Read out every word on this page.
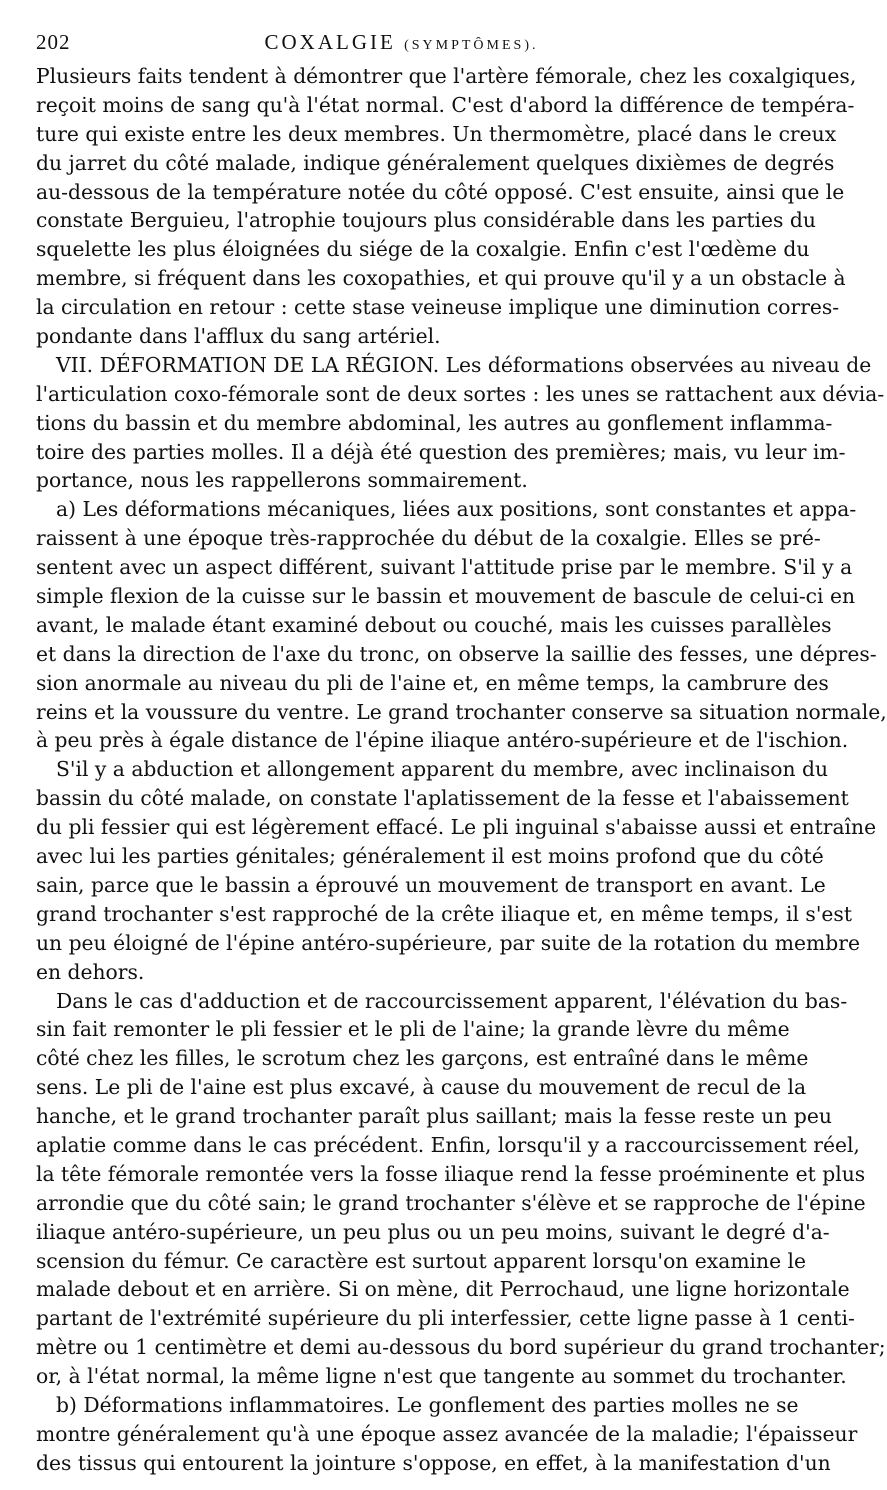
202	COXALGIE (SYMPTÔMES).
Plusieurs faits tendent à démontrer que l'artère fémorale, chez les coxalgiques,
reçoit moins de sang qu'à l'état normal. C'est d'abord la différence de tempéra-
ture qui existe entre les deux membres. Un thermomètre, placé dans le creux
du jarret du côté malade, indique généralement quelques dixièmes de degrés
au-dessous de la température notée du côté opposé. C'est ensuite, ainsi que le
constate Berguieu, l'atrophie toujours plus considérable dans les parties du
squelette les plus éloignées du siége de la coxalgie. Enfin c'est l'œdème du
membre, si fréquent dans les coxopathies, et qui prouve qu'il y a un obstacle à
la circulation en retour : cette stase veineuse implique une diminution corres-
pondante dans l'afflux du sang artériel.
VII. DÉFORMATION DE LA RÉGION. Les déformations observées au niveau de
l'articulation coxo-fémorale sont de deux sortes : les unes se rattachent aux dévia-
tions du bassin et du membre abdominal, les autres au gonflement inflamma-
toire des parties molles. Il a déjà été question des premières; mais, vu leur im-
portance, nous les rappellerons sommairement.
a) Les déformations mécaniques, liées aux positions, sont constantes et appa-
raissent à une époque très-rapprochée du début de la coxalgie. Elles se pré-
sentent avec un aspect différent, suivant l'attitude prise par le membre. S'il y a
simple flexion de la cuisse sur le bassin et mouvement de bascule de celui-ci en
avant, le malade étant examiné debout ou couché, mais les cuisses parallèles
et dans la direction de l'axe du tronc, on observe la saillie des fesses, une dépres-
sion anormale au niveau du pli de l'aine et, en même temps, la cambrure des
reins et la voussure du ventre. Le grand trochanter conserve sa situation normale,
à peu près à égale distance de l'épine iliaque antéro-supérieure et de l'ischion.
S'il y a abduction et allongement apparent du membre, avec inclinaison du
bassin du côté malade, on constate l'aplatissement de la fesse et l'abaissement
du pli fessier qui est légèrement effacé. Le pli inguinal s'abaisse aussi et entraîne
avec lui les parties génitales; généralement il est moins profond que du côté
sain, parce que le bassin a éprouvé un mouvement de transport en avant. Le
grand trochanter s'est rapproché de la crête iliaque et, en même temps, il s'est
un peu éloigné de l'épine antéro-supérieure, par suite de la rotation du membre
en dehors.
Dans le cas d'adduction et de raccourcissement apparent, l'élévation du bas-
sin fait remonter le pli fessier et le pli de l'aine; la grande lèvre du même
côté chez les filles, le scrotum chez les garçons, est entraîné dans le même
sens. Le pli de l'aine est plus excavé, à cause du mouvement de recul de la
hanche, et le grand trochanter paraît plus saillant; mais la fesse reste un peu
aplatie comme dans le cas précédent. Enfin, lorsqu'il y a raccourcissement réel,
la tête fémorale remontée vers la fosse iliaque rend la fesse proéminente et plus
arrondie que du côté sain; le grand trochanter s'élève et se rapproche de l'épine
iliaque antéro-supérieure, un peu plus ou un peu moins, suivant le degré d'a-
scension du fémur. Ce caractère est surtout apparent lorsqu'on examine le
malade debout et en arrière. Si on mène, dit Perrochaud, une ligne horizontale
partant de l'extrémité supérieure du pli interfessier, cette ligne passe à 1 centi-
mètre ou 1 centimètre et demi au-dessous du bord supérieur du grand trochanter;
or, à l'état normal, la même ligne n'est que tangente au sommet du trochanter.
b) Déformations inflammatoires. Le gonflement des parties molles ne se
montre généralement qu'à une époque assez avancée de la maladie; l'épaisseur
des tissus qui entourent la jointure s'oppose, en effet, à la manifestation d'un
